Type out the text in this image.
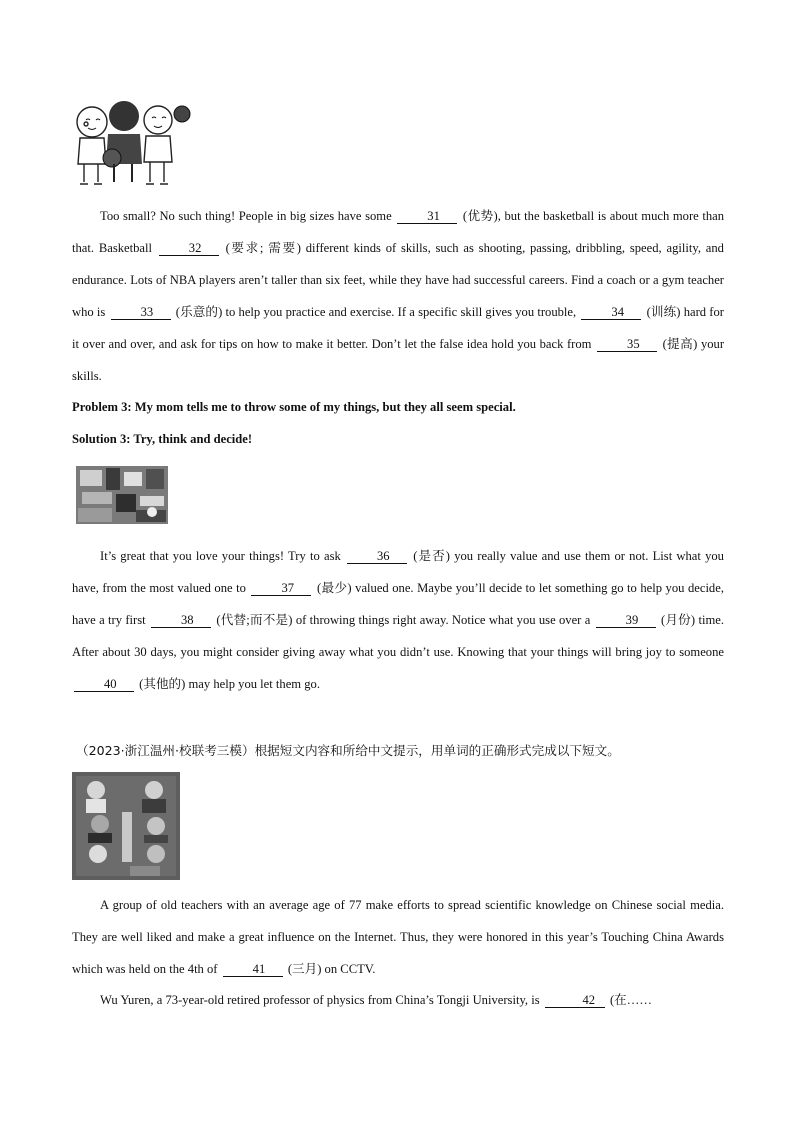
Too small? No such thing! People in big sizes have some	31 (优势), but the basketball is about much more than that. Basketball	32 (要求; 需要) different kinds of skills, such as shooting, passing, dribbling, speed, agility, and endurance. Lots of NBA players aren’t taller than six feet, while they have had successful careers. Find a coach or a gym teacher who is	33 (乐意的) to help you practice and exercise. If a specific skill gives you trouble,	34 (训练) hard for it over and over, and ask for tips on how to make it better. Don’t let the false idea hold you back from	35 (提高) your skills.
Problem 3: My mom tells me to throw some of my things, but they all seem special.
Solution 3: Try, think and decide!
It’s great that you love your things! Try to ask	36 (是否) you really value and use them or not. List what you have, from the most valued one to	37 (最少) valued one. Maybe you’ll decide to let something go to help you decide, have a try first	38 (代替;而不是) of throwing things right away. Notice what you use over a	39 (月份) time. After about 30 days, you might consider giving away what you didn’t use. Knowing that your things will bring joy to someone 40 (其他的) may help you let them go.
（2023·浙江温州·校联考三模）根据短文内容和所给中文提示，用单词的正确形式完成以下短文。
A group of old teachers with an average age of 77 make efforts to spread scientific knowledge on Chinese social media. They are well liked and make a great influence on the Internet. Thus, they were honored in this year’s Touching China Awards which was held on the 4th of	41 (三月) on CCTV.
Wu Yuren, a 73-year-old retired professor of physics from China’s Tongji University, is	42 (在……
